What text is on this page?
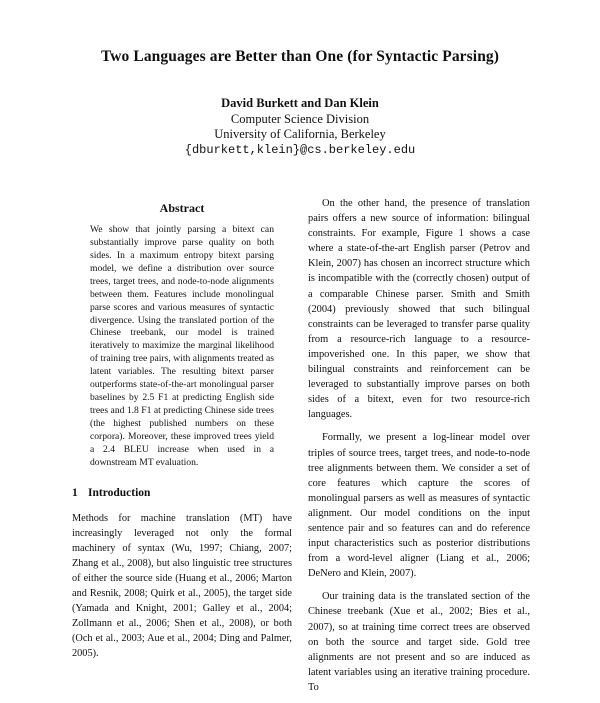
Two Languages are Better than One (for Syntactic Parsing)
David Burkett and Dan Klein
Computer Science Division
University of California, Berkeley
{dburkett,klein}@cs.berkeley.edu
Abstract
We show that jointly parsing a bitext can substantially improve parse quality on both sides. In a maximum entropy bitext parsing model, we define a distribution over source trees, target trees, and node-to-node alignments between them. Features include monolingual parse scores and various measures of syntactic divergence. Using the translated portion of the Chinese treebank, our model is trained iteratively to maximize the marginal likelihood of training tree pairs, with alignments treated as latent variables. The resulting bitext parser outperforms state-of-the-art monolingual parser baselines by 2.5 F1 at predicting English side trees and 1.8 F1 at predicting Chinese side trees (the highest published numbers on these corpora). Moreover, these improved trees yield a 2.4 BLEU increase when used in a downstream MT evaluation.
1 Introduction
Methods for machine translation (MT) have increasingly leveraged not only the formal machinery of syntax (Wu, 1997; Chiang, 2007; Zhang et al., 2008), but also linguistic tree structures of either the source side (Huang et al., 2006; Marton and Resnik, 2008; Quirk et al., 2005), the target side (Yamada and Knight, 2001; Galley et al., 2004; Zollmann et al., 2006; Shen et al., 2008), or both (Och et al., 2003; Aue et al., 2004; Ding and Palmer, 2005).

On the other hand, the presence of translation pairs offers a new source of information: bilingual constraints. For example, Figure 1 shows a case where a state-of-the-art English parser (Petrov and Klein, 2007) has chosen an incorrect structure which is incompatible with the (correctly chosen) output of a comparable Chinese parser. Smith and Smith (2004) previously showed that such bilingual constraints can be leveraged to transfer parse quality from a resource-rich language to a resource-impoverished one. In this paper, we show that bilingual constraints and reinforcement can be leveraged to substantially improve parses on both sides of a bitext, even for two resource-rich languages.

Formally, we present a log-linear model over triples of source trees, target trees, and node-to-node tree alignments between them. We consider a set of core features which capture the scores of monolingual parsers as well as measures of syntactic alignment. Our model conditions on the input sentence pair and so features can and do reference input characteristics such as posterior distributions from a word-level aligner (Liang et al., 2006; DeNero and Klein, 2007).

Our training data is the translated section of the Chinese treebank (Xue et al., 2002; Bies et al., 2007), so at training time correct trees are observed on both the source and target side. Gold tree alignments are not present and so are induced as latent variables using an iterative training procedure. To
